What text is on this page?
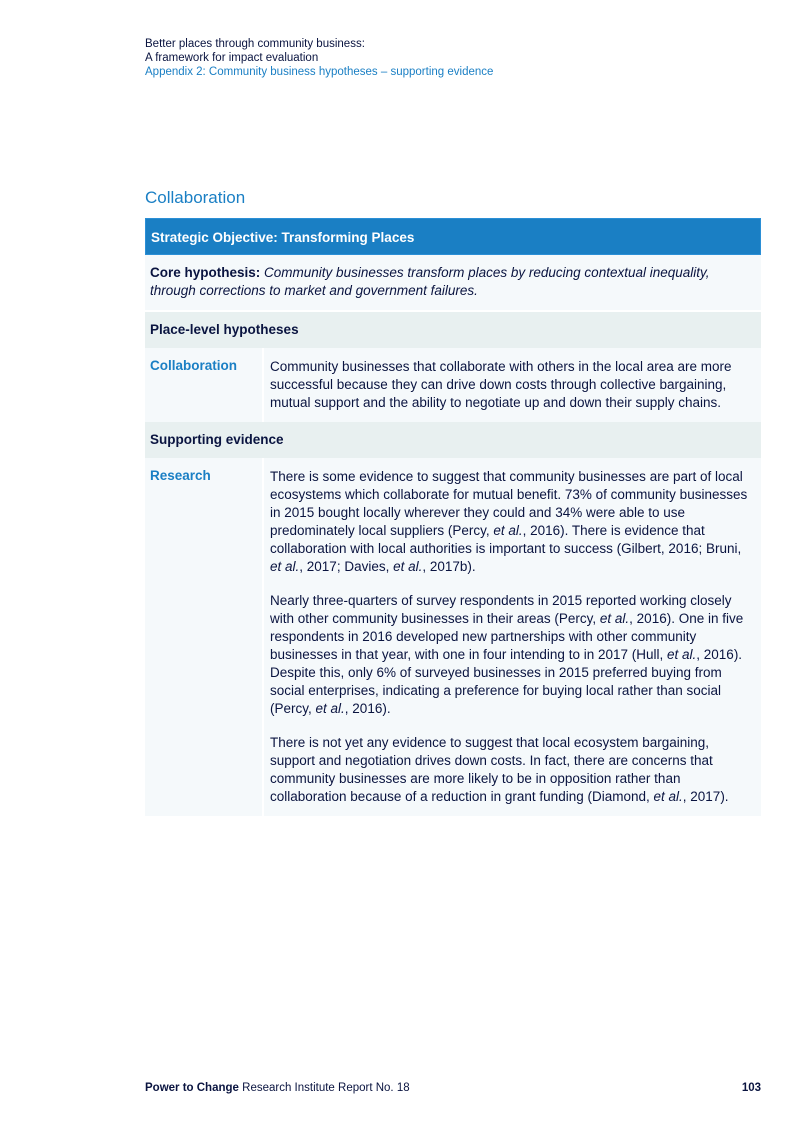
Better places through community business:
A framework for impact evaluation
Appendix 2: Community business hypotheses – supporting evidence
Collaboration
Strategic Objective: Transforming Places
Core hypothesis: Community businesses transform places by reducing contextual inequality, through corrections to market and government failures.
Place-level hypotheses
Collaboration	Community businesses that collaborate with others in the local area are more successful because they can drive down costs through collective bargaining, mutual support and the ability to negotiate up and down their supply chains.
Supporting evidence
Research	There is some evidence to suggest that community businesses are part of local ecosystems which collaborate for mutual benefit. 73% of community businesses in 2015 bought locally wherever they could and 34% were able to use predominately local suppliers (Percy, et al., 2016). There is evidence that collaboration with local authorities is important to success (Gilbert, 2016; Bruni, et al., 2017; Davies, et al., 2017b).

Nearly three-quarters of survey respondents in 2015 reported working closely with other community businesses in their areas (Percy, et al., 2016). One in five respondents in 2016 developed new partnerships with other community businesses in that year, with one in four intending to in 2017 (Hull, et al., 2016). Despite this, only 6% of surveyed businesses in 2015 preferred buying from social enterprises, indicating a preference for buying local rather than social (Percy, et al., 2016).

There is not yet any evidence to suggest that local ecosystem bargaining, support and negotiation drives down costs. In fact, there are concerns that community businesses are more likely to be in opposition rather than collaboration because of a reduction in grant funding (Diamond, et al., 2017).

Power to Change Research Institute Report No. 18	103
